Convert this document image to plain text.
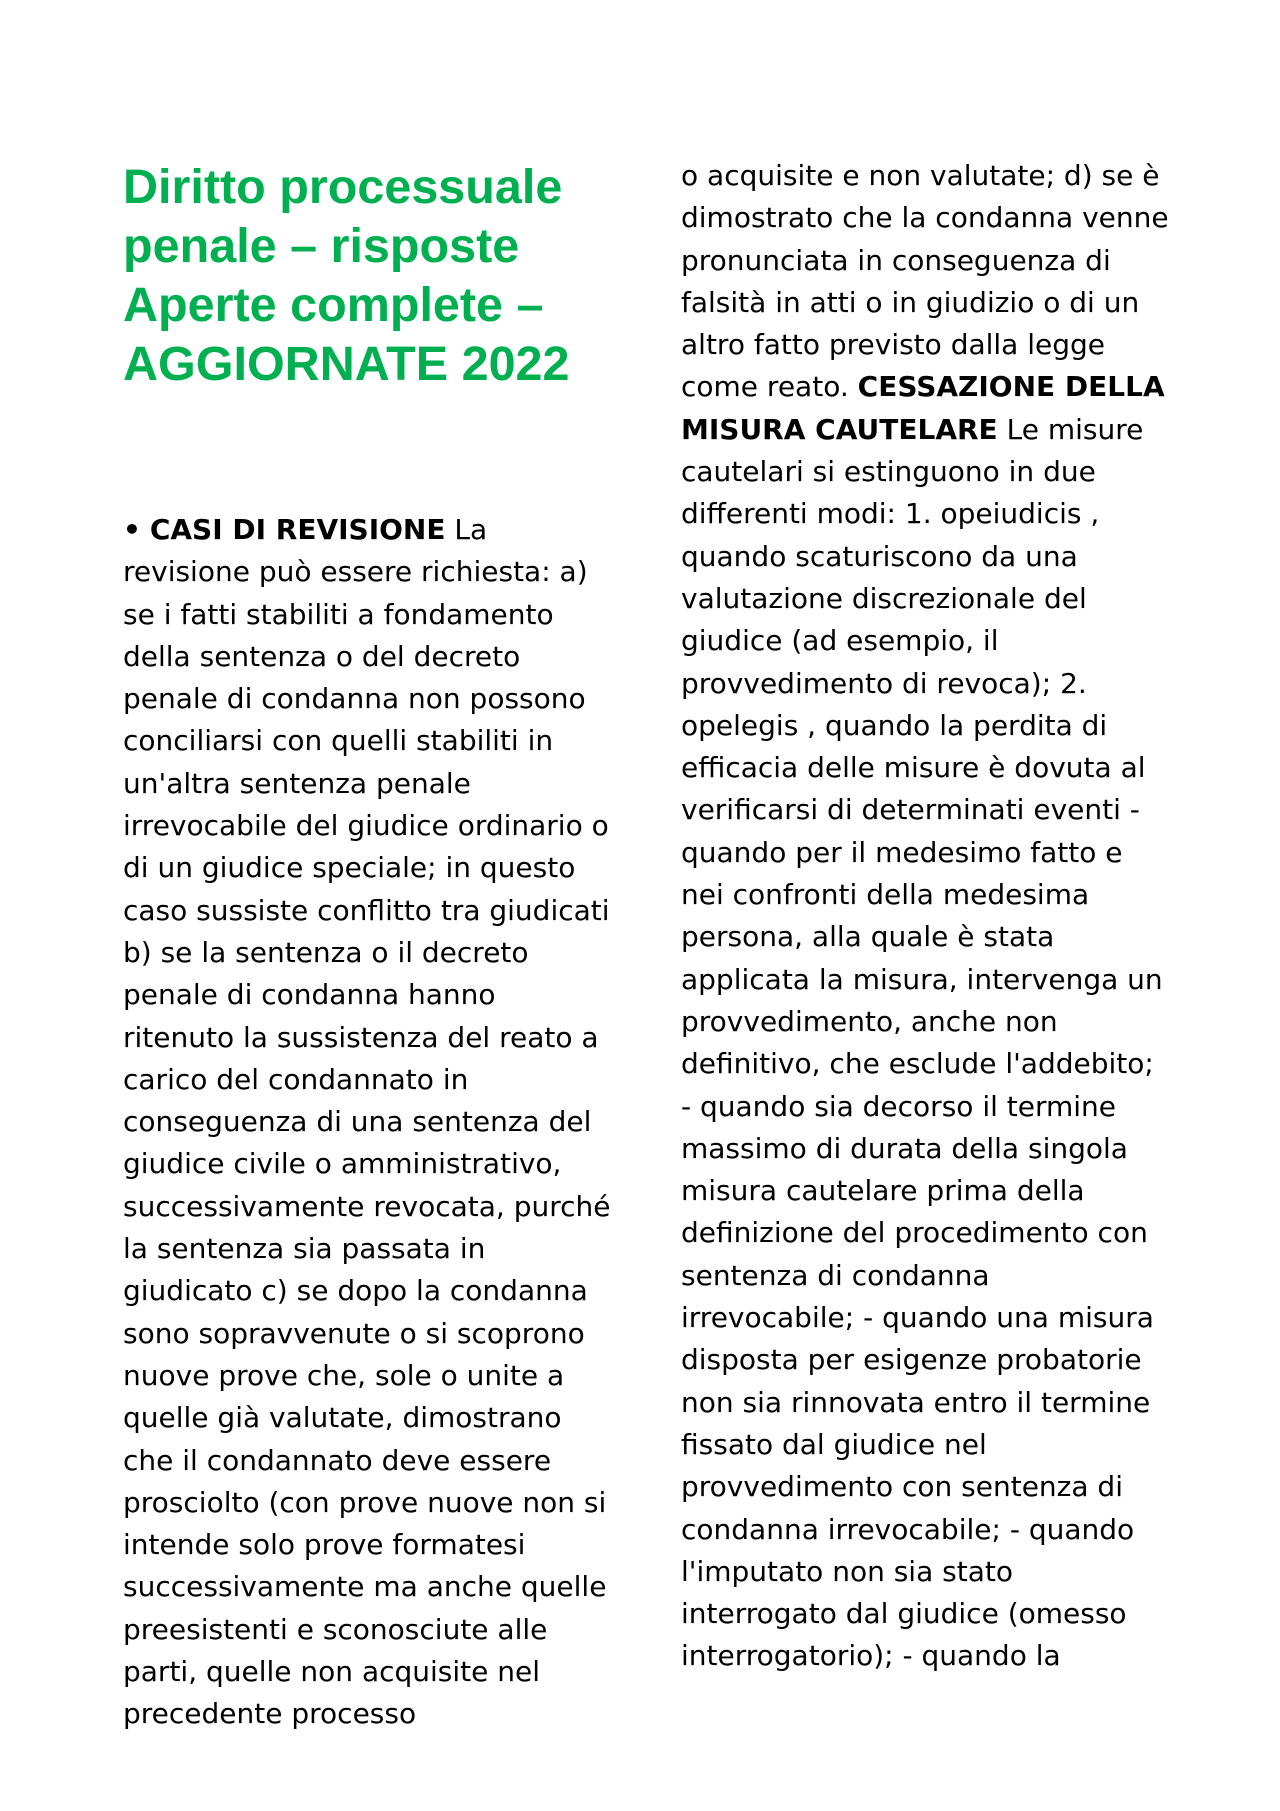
Diritto processuale penale – risposte Aperte complete – AGGIORNATE 2022

• CASI DI REVISIONE La revisione può essere richiesta: a) se i fatti stabiliti a fondamento della sentenza o del decreto penale di condanna non possono conciliarsi con quelli stabiliti in un'altra sentenza penale irrevocabile del giudice ordinario o di un giudice speciale; in questo caso sussiste conflitto tra giudicati b) se la sentenza o il decreto penale di condanna hanno ritenuto la sussistenza del reato a carico del condannato in conseguenza di una sentenza del giudice civile o amministrativo, successivamente revocata, purché la sentenza sia passata in giudicato c) se dopo la condanna sono sopravvenute o si scoprono nuove prove che, sole o unite a quelle già valutate, dimostrano che il condannato deve essere prosciolto (con prove nuove non si intende solo prove formatesi successivamente ma anche quelle preesistenti e sconosciute alle parti, quelle non acquisite nel precedente processo

o acquisite e non valutate; d) se è dimostrato che la condanna venne pronunciata in conseguenza di falsità in atti o in giudizio o di un altro fatto previsto dalla legge come reato. CESSAZIONE DELLA MISURA CAUTELARE Le misure cautelari si estinguono in due differenti modi: 1. opeiudicis , quando scaturiscono da una valutazione discrezionale del giudice (ad esempio, il provvedimento di revoca); 2. opelegis , quando la perdita di efficacia delle misure è dovuta al verificarsi di determinati eventi - quando per il medesimo fatto e nei confronti della medesima persona, alla quale è stata applicata la misura, intervenga un provvedimento, anche non definitivo, che esclude l'addebito; - quando sia decorso il termine massimo di durata della singola misura cautelare prima della definizione del procedimento con sentenza di condanna irrevocabile; - quando una misura disposta per esigenze probatorie non sia rinnovata entro il termine fissato dal giudice nel provvedimento con sentenza di condanna irrevocabile; - quando l'imputato non sia stato interrogato dal giudice (omesso interrogatorio); - quando la
